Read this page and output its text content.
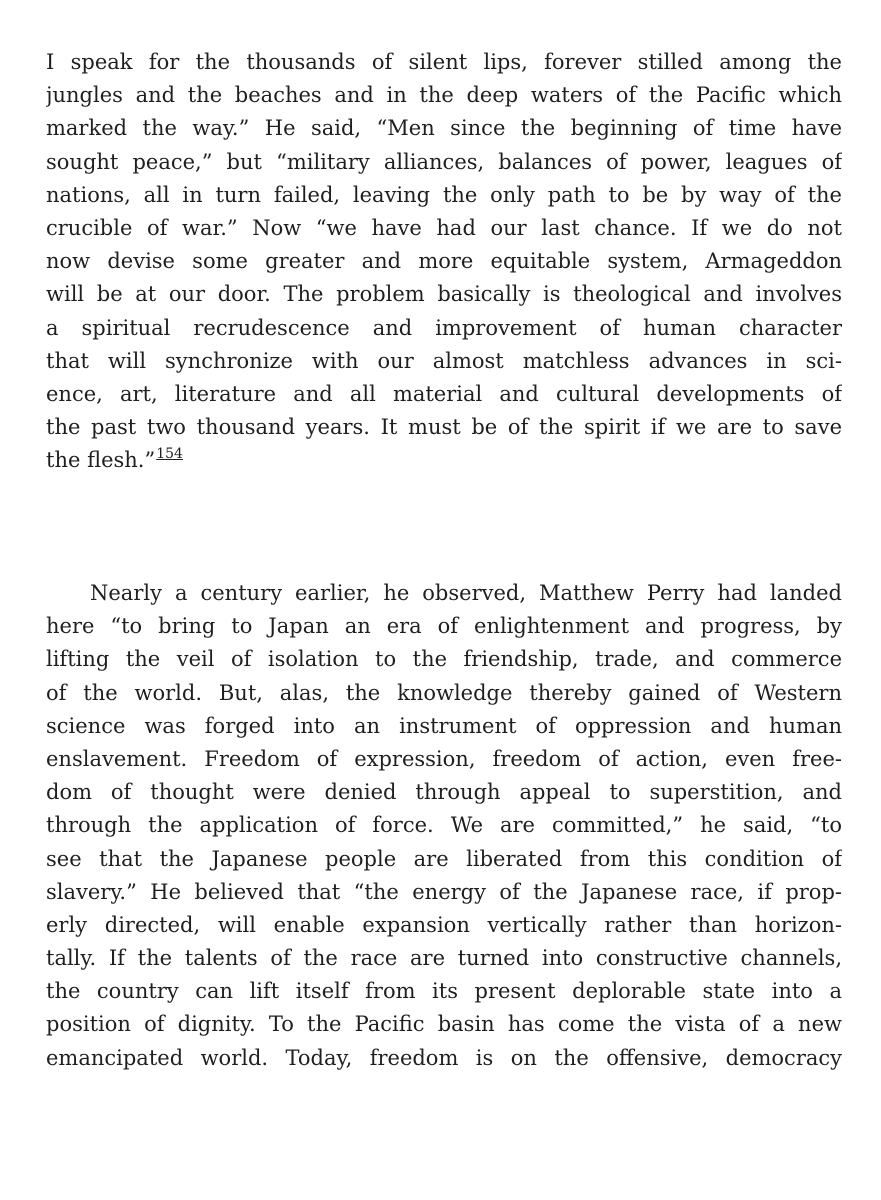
I speak for the thousands of silent lips, forever stilled among the
jungles and the beaches and in the deep waters of the Pacific which
marked the way.” He said, “Men since the beginning of time have
sought peace,” but “military alliances, balances of power, leagues of
nations, all in turn failed, leaving the only path to be by way of the
crucible of war.” Now “we have had our last chance. If we do not
now devise some greater and more equitable system, Armageddon
will be at our door. The problem basically is theological and involves
a spiritual recrudescence and improvement of human character
that will synchronize with our almost matchless advances in sci-
ence, art, literature and all material and cultural developments of
the past two thousand years. It must be of the spirit if we are to save
the flesh.”$^{154}$
Nearly a century earlier, he observed, Matthew Perry had landed
here “to bring to Japan an era of enlightenment and progress, by
lifting the veil of isolation to the friendship, trade, and commerce
of the world. But, alas, the knowledge thereby gained of Western
science was forged into an instrument of oppression and human
enslavement. Freedom of expression, freedom of action, even free-
dom of thought were denied through appeal to superstition, and
through the application of force. We are committed,” he said, “to
see that the Japanese people are liberated from this condition of
slavery.” He believed that “the energy of the Japanese race, if prop-
erly directed, will enable expansion vertically rather than horizon-
tally. If the talents of the race are turned into constructive channels,
the country can lift itself from its present deplorable state into a
position of dignity. To the Pacific basin has come the vista of a new
emancipated world. Today, freedom is on the offensive, democracy
